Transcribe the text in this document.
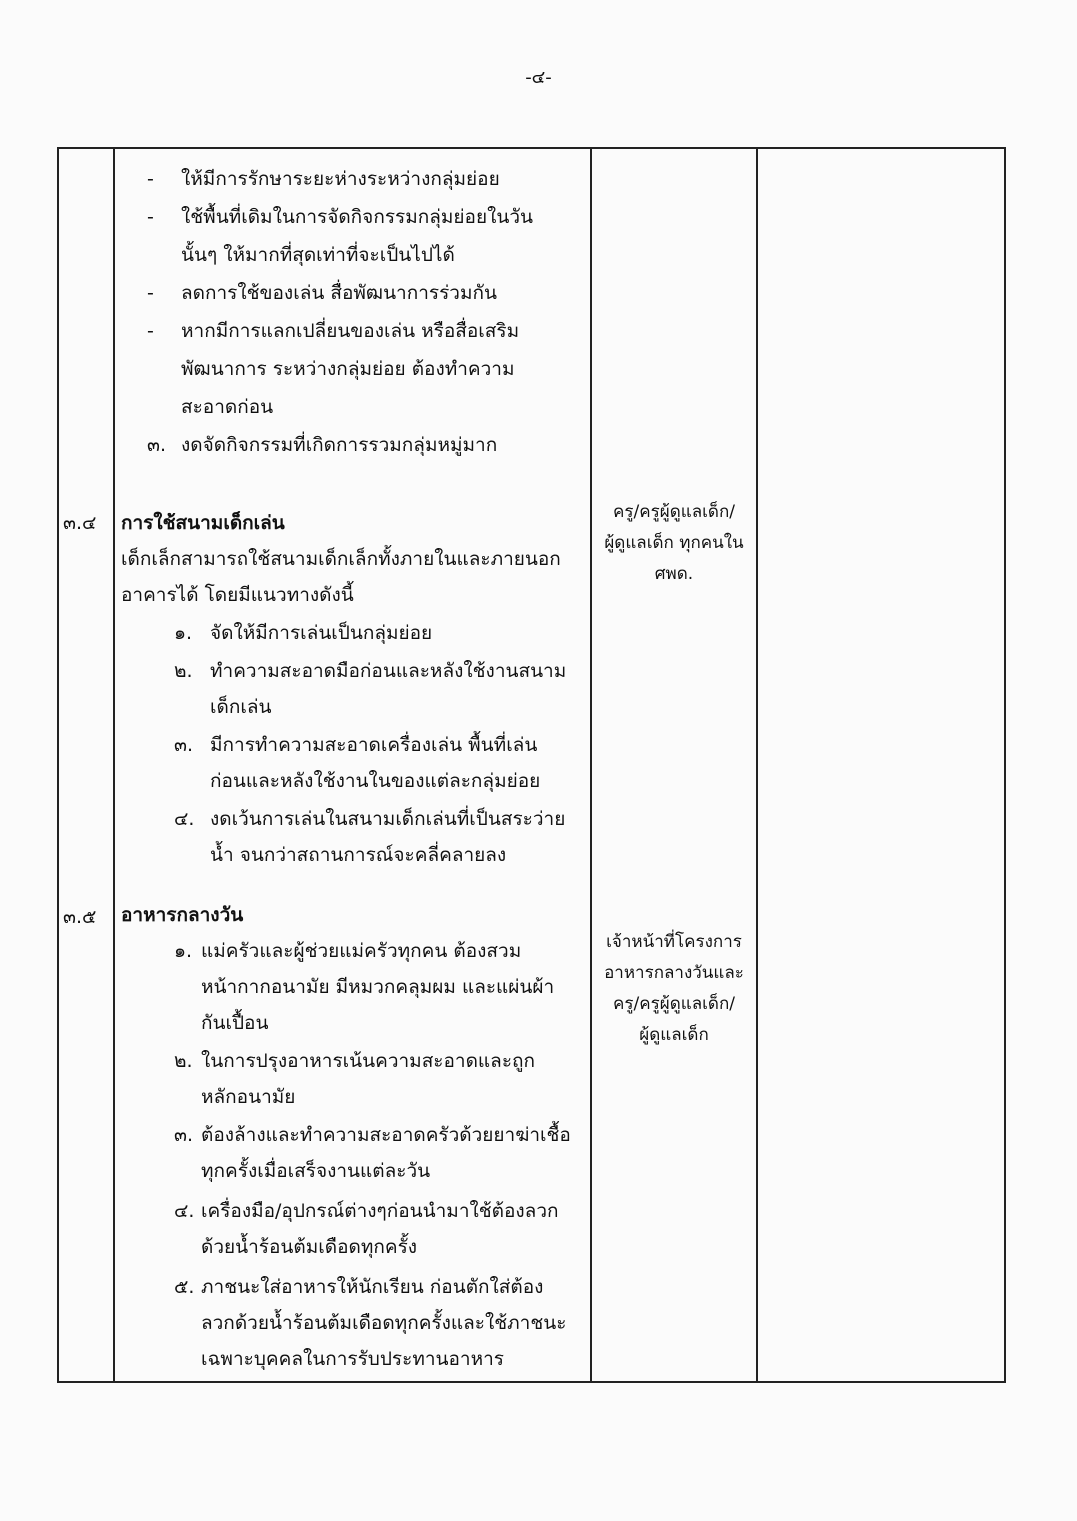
-๔-
- ให้มีการรักษาระยะห่างระหว่างกลุ่มย่อย
- ใช้พื้นที่เดิมในการจัดกิจกรรมกลุ่มย่อยในวัน
นั้นๆ ให้มากที่สุดเท่าที่จะเป็นไปได้
- ลดการใช้ของเล่น สื่อพัฒนาการร่วมกัน
- หากมีการแลกเปลี่ยนของเล่น หรือสื่อเสริม
พัฒนาการ ระหว่างกลุ่มย่อย ต้องทำความ
สะอาดก่อน
๓. งดจัดกิจกรรมที่เกิดการรวมกลุ่มหมู่มาก
๓.๔ การใช้สนามเด็กเล่น
เด็กเล็กสามารถใช้สนามเด็กเล็กทั้งภายในและภายนอก
อาคารได้ โดยมีแนวทางดังนี้
๑. จัดให้มีการเล่นเป็นกลุ่มย่อย
๒. ทำความสะอาดมือก่อนและหลังใช้งานสนาม
เด็กเล่น
๓. มีการทำความสะอาดเครื่องเล่น พื้นที่เล่น
ก่อนและหลังใช้งานในของแต่ละกลุ่มย่อย
๔. งดเว้นการเล่นในสนามเด็กเล่นที่เป็นสระว่าย
น้ำ จนกว่าสถานการณ์จะคลี่คลายลง
ครู/ครูผู้ดูแลเด็ก/
ผู้ดูแลเด็ก ทุกคนใน
ศพด.
๓.๕ อาหารกลางวัน
๑. แม่ครัวและผู้ช่วยแม่ครัวทุกคน ต้องสวม
หน้ากากอนามัย มีหมวกคลุมผม และแผ่นผ้า
กันเปื้อน
๒. ในการปรุงอาหารเน้นความสะอาดและถูก
หลักอนามัย
๓. ต้องล้างและทำความสะอาดครัวด้วยยาฆ่าเชื้อ
ทุกครั้งเมื่อเสร็จงานแต่ละวัน
๔. เครื่องมือ/อุปกรณ์ต่างๆก่อนนำมาใช้ต้องลวก
ด้วยน้ำร้อนต้มเดือดทุกครั้ง
๕. ภาชนะใส่อาหารให้นักเรียน ก่อนตักใส่ต้อง
ลวกด้วยน้ำร้อนต้มเดือดทุกครั้งและใช้ภาชนะ
เฉพาะบุคคลในการรับประทานอาหาร
เจ้าหน้าที่โครงการ
อาหารกลางวันและ
ครู/ครูผู้ดูแลเด็ก/
ผู้ดูแลเด็ก
